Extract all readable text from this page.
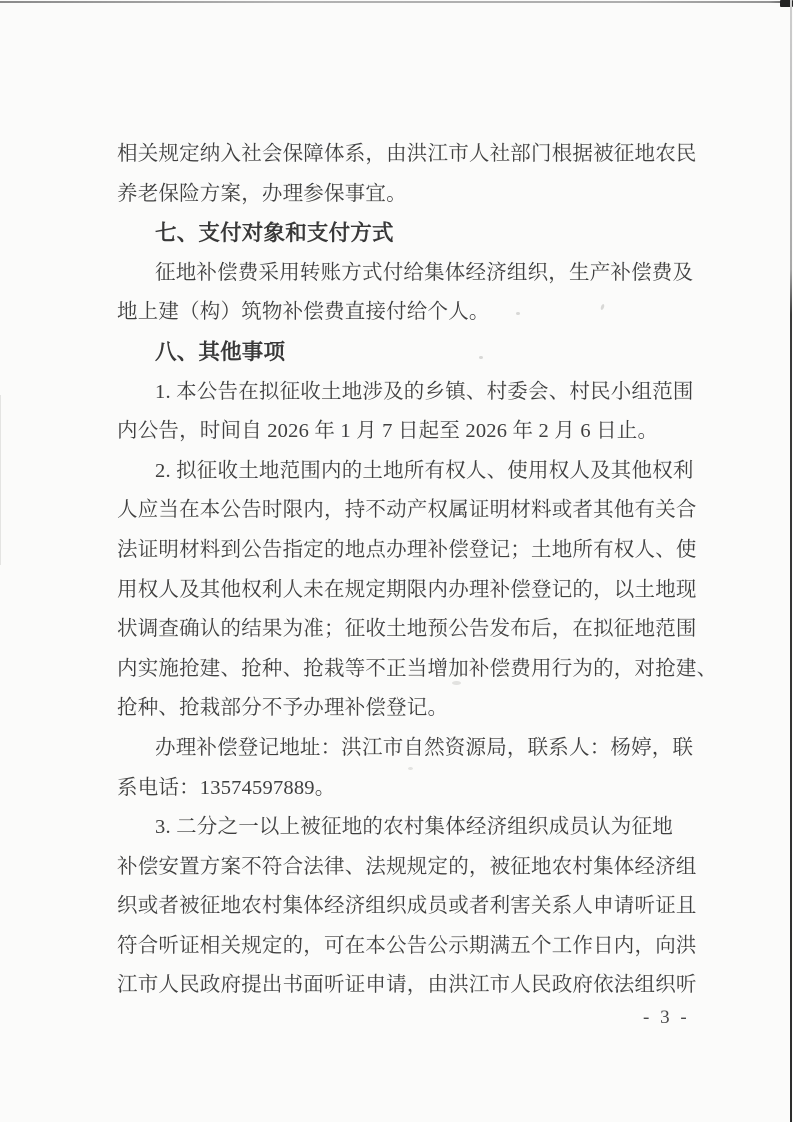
相关规定纳入社会保障体系，由洪江市人社部门根据被征地农民
养老保险方案，办理参保事宜。
七、支付对象和支付方式
征地补偿费采用转账方式付给集体经济组织，生产补偿费及
地上建（构）筑物补偿费直接付给个人。
八、其他事项
1. 本公告在拟征收土地涉及的乡镇、村委会、村民小组范围
内公告，时间自 2026 年 1 月 7 日起至 2026 年 2 月 6 日止。
2. 拟征收土地范围内的土地所有权人、使用权人及其他权利
人应当在本公告时限内，持不动产权属证明材料或者其他有关合
法证明材料到公告指定的地点办理补偿登记；土地所有权人、使
用权人及其他权利人未在规定期限内办理补偿登记的，以土地现
状调查确认的结果为准；征收土地预公告发布后，在拟征地范围
内实施抢建、抢种、抢栽等不正当增加补偿费用行为的，对抢建、
抢种、抢栽部分不予办理补偿登记。
办理补偿登记地址：洪江市自然资源局，联系人：杨婷，联
系电话：13574597889。
3. 二分之一以上被征地的农村集体经济组织成员认为征地
补偿安置方案不符合法律、法规规定的，被征地农村集体经济组
织或者被征地农村集体经济组织成员或者利害关系人申请听证且
符合听证相关规定的，可在本公告公示期满五个工作日内，向洪
江市人民政府提出书面听证申请，由洪江市人民政府依法组织听
- 3 -
